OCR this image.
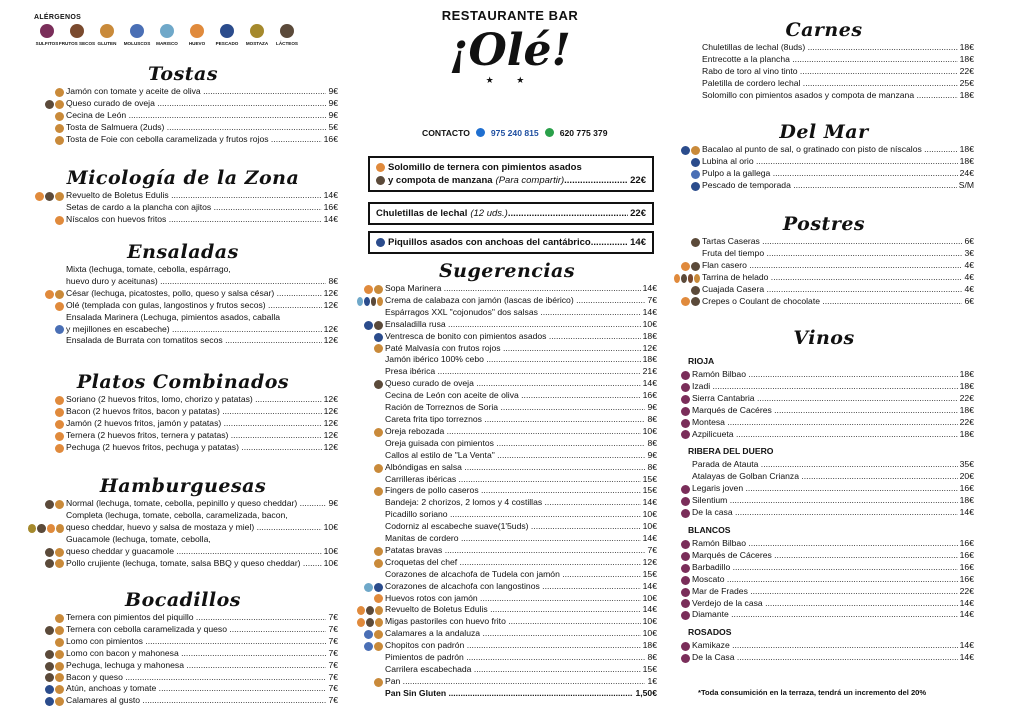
ALÉRGENOS
SULFITOS FRUTOS SECOS GLUTEN MOLUSCOS MARISCO HUEVO PESCADO MOSTAZA LÁCTEOS
RESTAURANTE BAR
¡Olé!
★ ★
CONTACTO 975 240 815 620 775 379
Solomillo de ternera con pimientos asados
y compota de manzana (Para compartir) .....	22€
Chuletillas de lechal (12 uds.) .....	22€
Piquillos asados con anchoas del cantábrico .....	14€
Tostas
Jamón con tomate y aceite de oliva .....	9€
Queso curado de oveja .....	9€
Cecina de León .....	9€
Tosta de Salmuera (2uds) .....	5€
Tosta de Foie con cebolla caramelizada y frutos rojos .....	16€
Micología de la Zona
Revuelto de Boletus Edulis .....	14€
Setas de cardo a la plancha con ajitos .....	16€
Níscalos con huevos fritos .....	14€
Ensaladas
Mixta (lechuga, tomate, cebolla, espárrago,
huevo duro y aceitunas) .....	8€
César (lechuga, picatostes, pollo, queso y salsa césar) .....	12€
Olé (templada con gulas, langostinos y frutos secos) .....	12€
Ensalada Marinera (Lechuga, pimientos asados, caballa
y mejillones en escabeche) .....	12€
Ensalada de Burrata con tomatitos secos .....	12€
Platos Combinados
Soriano (2 huevos fritos, lomo, chorizo y patatas) .....	12€
Bacon (2 huevos fritos, bacon y patatas) .....	12€
Jamón (2 huevos fritos, jamón y patatas) .....	12€
Ternera (2 huevos fritos, ternera y patatas) .....	12€
Pechuga (2 huevos fritos, pechuga y patatas) .....	12€
Hamburguesas
Normal (lechuga, tomate, cebolla, pepinillo y queso cheddar) .....	9€
Completa (lechuga, tomate, cebolla, caramelizada, bacon,
queso cheddar, huevo y salsa de mostaza y miel) .....	10€
Guacamole (lechuga, tomate, cebolla,
queso cheddar y guacamole .....	10€
Pollo crujiente (lechuga, tomate, salsa BBQ y queso cheddar) .....	10€
Bocadillos
Ternera con pimientos del piquillo .....	7€
Ternera con cebolla caramelizada y queso .....	7€
Lomo con pimientos .....	7€
Lomo con bacon y mahonesa .....	7€
Pechuga, lechuga y mahonesa .....	7€
Bacon y queso .....	7€
Atún, anchoas y tomate .....	7€
Calamares al gusto .....	7€
Sugerencias
Sopa Marinera .....	14€
Crema de calabaza con jamón (lascas de ibérico) .....	7€
Espárragos XXL "cojonudos" dos salsas .....	14€
Ensaladilla rusa .....	10€
Ventresca de bonito con pimientos asados .....	18€
Paté Malvasía con frutos rojos .....	12€
Jamón ibérico 100% cebo .....	18€
Presa ibérica .....	21€
Queso curado de oveja .....	14€
Cecina de León con aceite de oliva .....	16€
Ración de Torreznos de Soria .....	9€
Careta frita tipo torreznos .....	8€
Oreja rebozada .....	10€
Oreja guisada con pimientos .....	8€
Callos al estilo de "La Venta" .....	9€
Albóndigas en salsa .....	8€
Carrilleras ibéricas .....	15€
Fingers de pollo caseros .....	15€
Bandeja: 2 chorizos, 2 lomos y 4 costillas .....	14€
Picadillo soriano .....	10€
Codorniz al escabeche suave(1'5uds) .....	10€
Manitas de cordero .....	14€
Patatas bravas .....	7€
Croquetas del chef .....	12€
Corazones de alcachofa de Tudela con jamón .....	15€
Corazones de alcachofa con langostinos .....	14€
Huevos rotos con jamón .....	10€
Revuelto de Boletus Edulis .....	14€
Migas pastoriles con huevo frito .....	10€
Calamares a la andaluza .....	10€
Chopitos con padrón .....	18€
Pimientos de padrón .....	8€
Carrilera escabechada .....	15€
Pan .....	1€
Pan Sin Gluten .....	1,50€
Carnes
Chuletillas de lechal (8uds) .....	18€
Entrecotte a la plancha .....	18€
Rabo de toro al vino tinto .....	22€
Paletilla de cordero lechal .....	25€
Solomillo con pimientos asados y compota de manzana .....	18€
Del Mar
Bacalao al punto de sal, o gratinado con pisto de níscalos .....	18€
Lubina al orio .....	18€
Pulpo a la gallega .....	24€
Pescado de temporada .....	S/M
Postres
Tartas Caseras .....	6€
Fruta del tiempo .....	3€
Flan casero .....	4€
Tarrina de helado .....	4€
Cuajada Casera .....	4€
Crepes o Coulant de chocolate .....	6€
Vinos
RIOJA
Ramón Bilbao .....	18€
Izadi .....	18€
Sierra Cantabria .....	22€
Marqués de Cacéres .....	18€
Montesa .....	22€
Azpilicueta .....	18€
RIBERA DEL DUERO
Parada de Atauta .....	35€
Atalayas de Golban Crianza .....	20€
Legaris joven .....	16€
Silentium .....	18€
De la casa .....	14€
BLANCOS
Ramón Bilbao .....	16€
Marqués de Cáceres .....	16€
Barbadillo .....	16€
Moscato .....	16€
Mar de Frades .....	22€
Verdejo de la casa .....	14€
Diamante .....	14€
ROSADOS
Kamikaze .....	14€
De la Casa .....	14€
*Toda consumición en la terraza, tendrá un incremento del 20%
